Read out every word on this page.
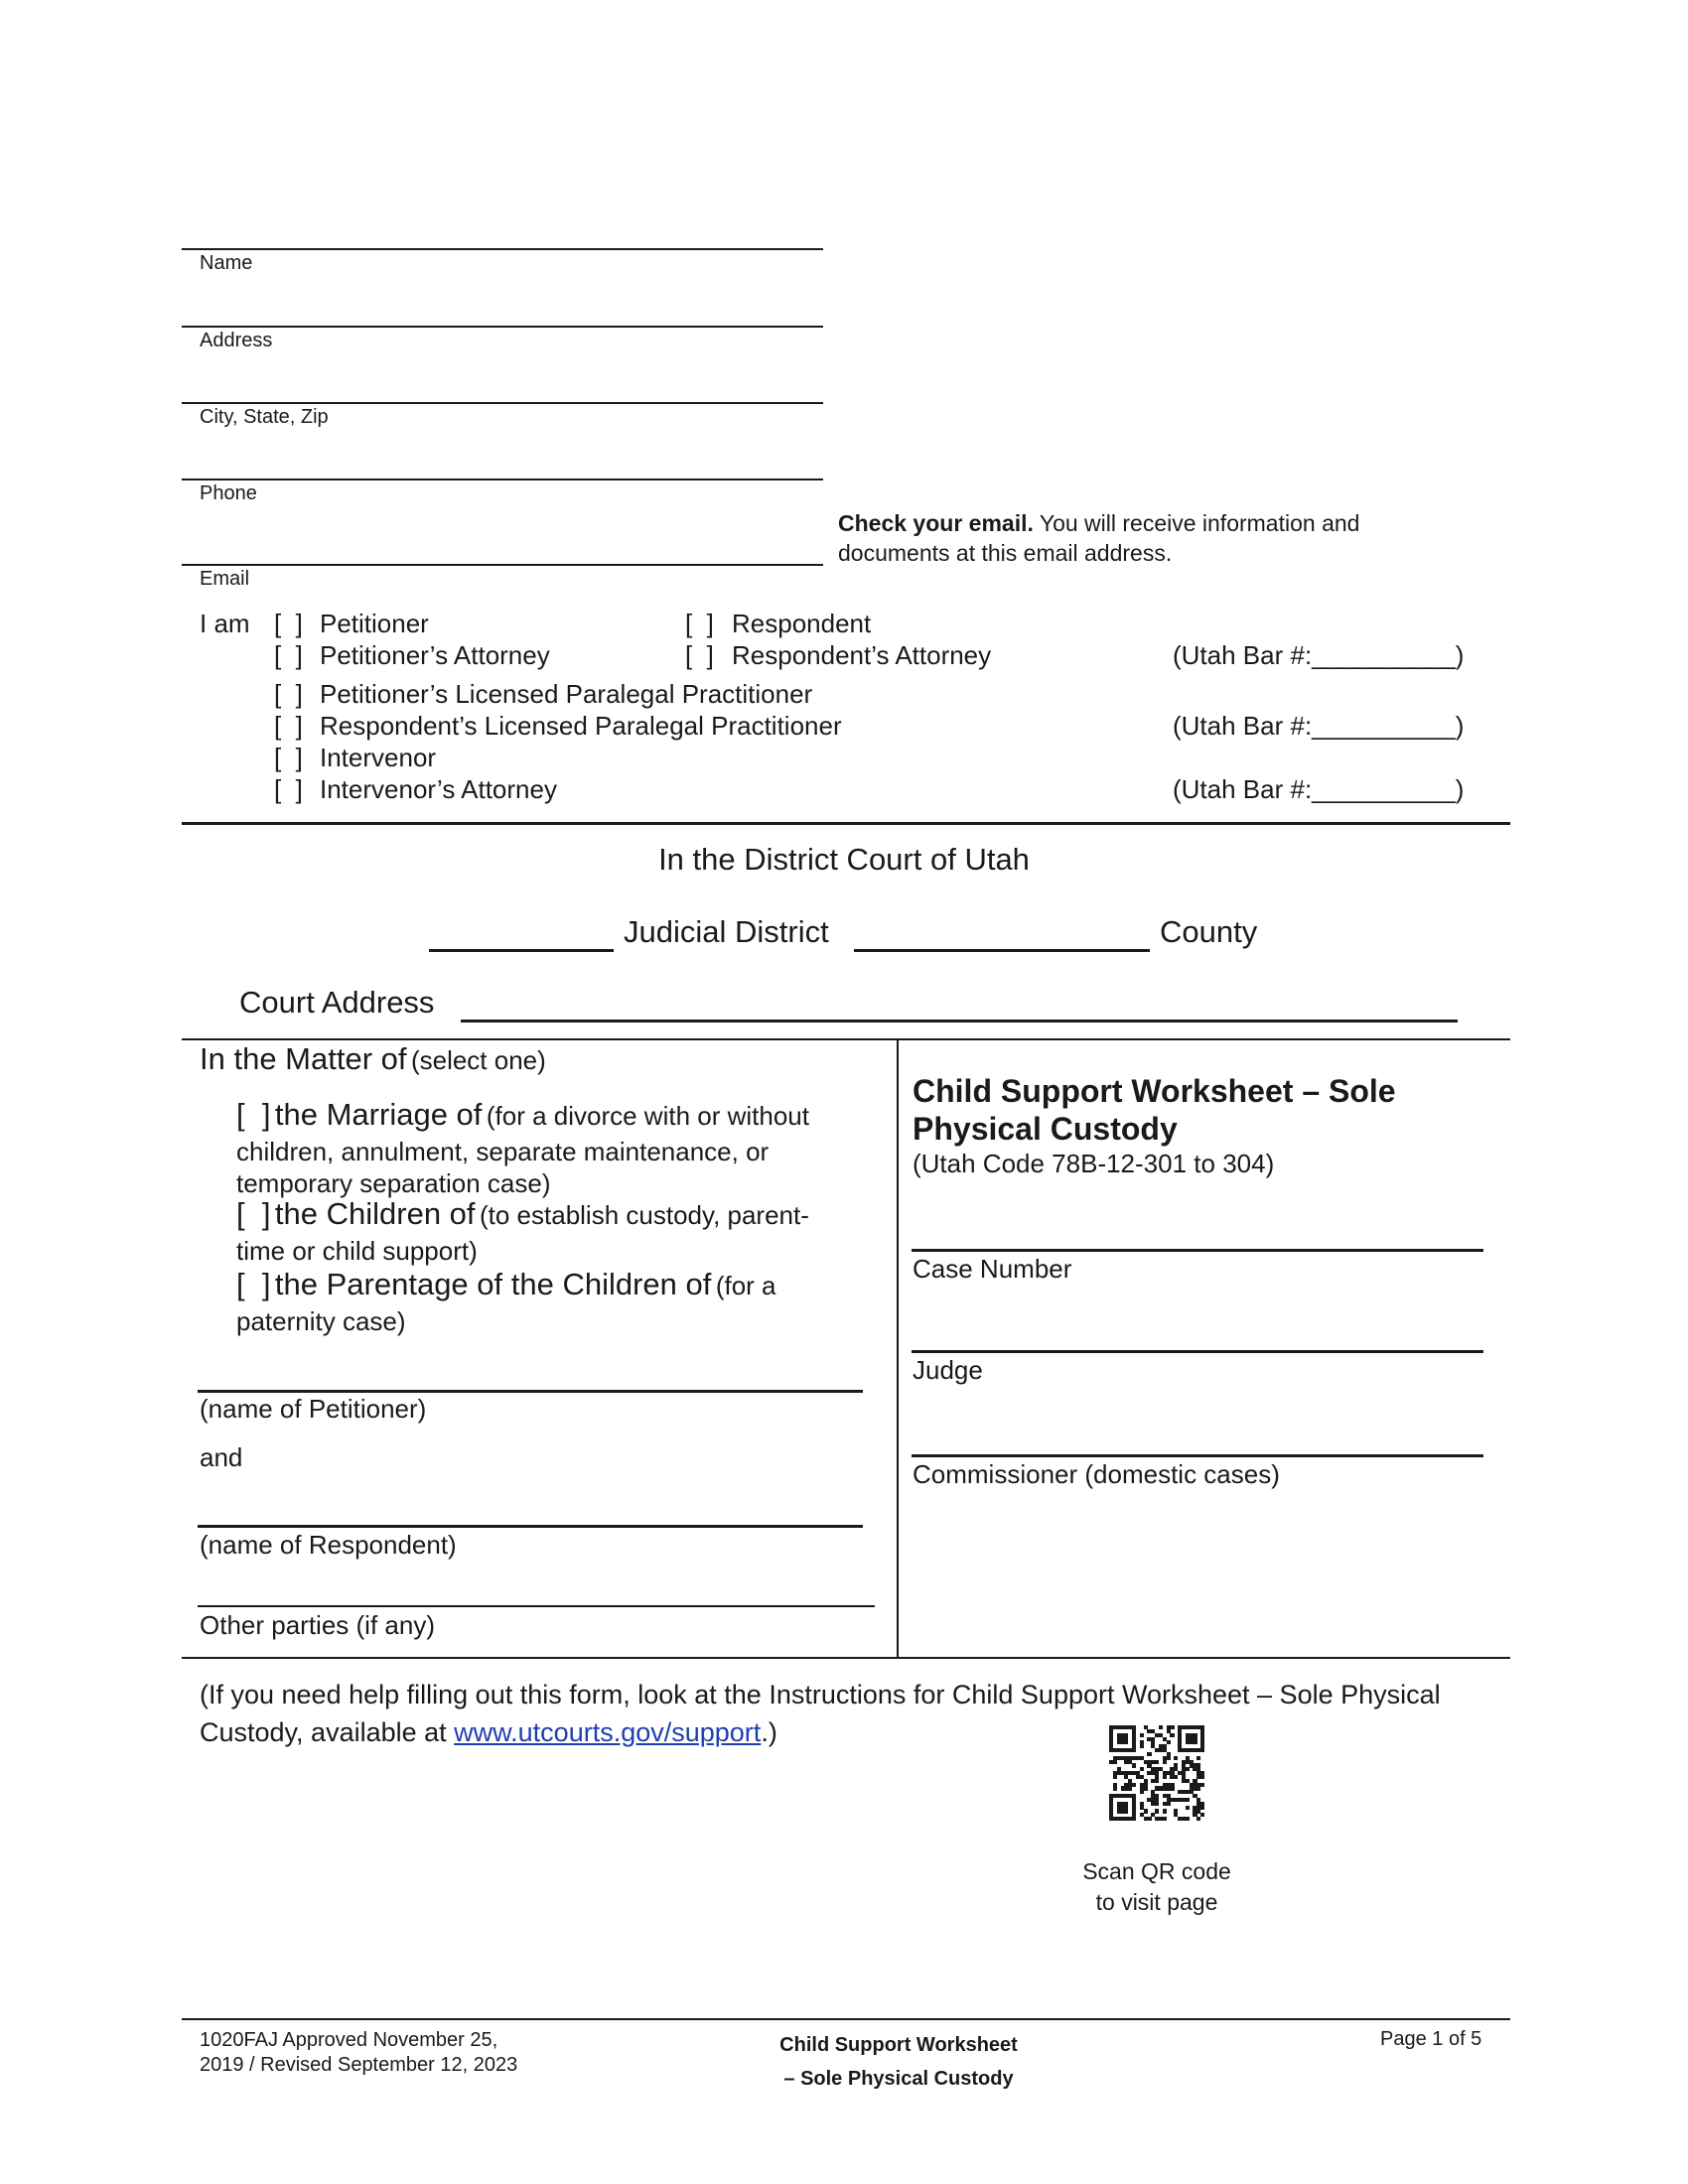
Name
Address
City, State, Zip
Phone
Check your email. You will receive information and
documents at this email address.
Email
I am [  ] Petitioner	[  ] Respondent
[  ] Petitioner’s Attorney	[  ] Respondent’s Attorney	(Utah Bar #:__________)
[  ] Petitioner’s Licensed Paralegal Practitioner
[  ] Respondent’s Licensed Paralegal Practitioner	(Utah Bar #:__________)
[  ] Intervenor
[  ] Intervenor’s Attorney	(Utah Bar #:__________)
In the District Court of Utah
Judicial District	County
Court Address
In the Matter of (select one)
[  ] the Marriage of (for a divorce with or without
children, annulment, separate maintenance, or
temporary separation case)
[  ] the Children of (to establish custody, parent-
time or child support)
[  ] the Parentage of the Children of (for a
paternity case)
(name of Petitioner)
and
(name of Respondent)
Other parties (if any)
Child Support Worksheet – Sole
Physical Custody
(Utah Code 78B-12-301 to 304)
Case Number
Judge
Commissioner (domestic cases)
(If you need help filling out this form, look at the Instructions for Child Support Worksheet – Sole Physical
Custody, available at www.utcourts.gov/support.)
Scan QR code
to visit page
1020FAJ Approved November 25,
2019 / Revised September 12, 2023
Child Support Worksheet
– Sole Physical Custody
Page 1 of 5
